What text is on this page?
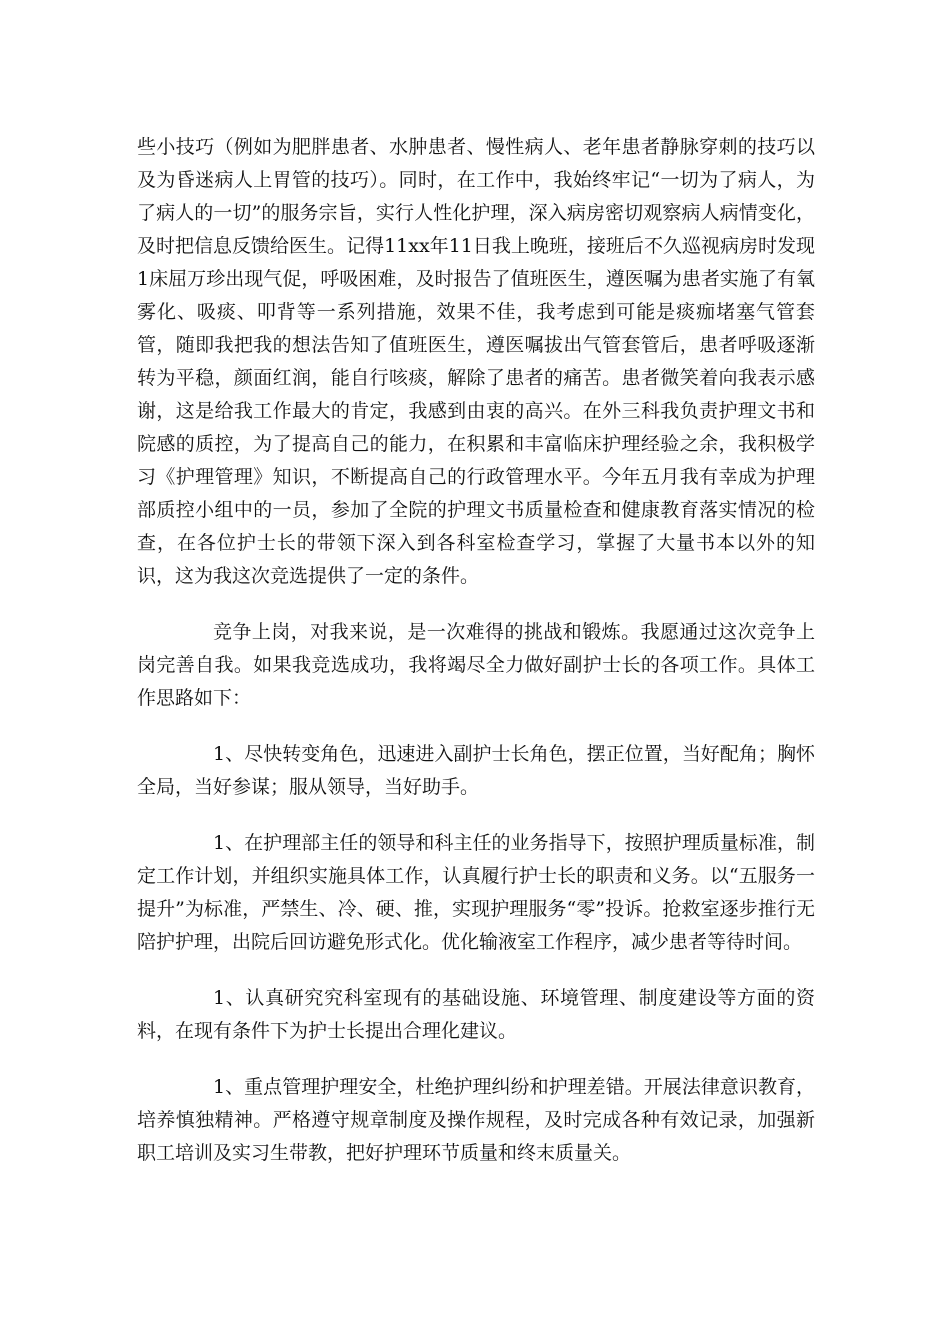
些小技巧（例如为肥胖患者、水肿患者、慢性病人、老年患者静脉穿刺的技巧以及为昏迷病人上胃管的技巧）。同时，在工作中，我始终牢记“一切为了病人，为了病人的一切”的服务宗旨，实行人性化护理，深入病房密切观察病人病情变化，及时把信息反馈给医生。记得11xx年11日我上晚班，接班后不久巡视病房时发现1床屈万珍出现气促，呼吸困难，及时报告了值班医生，遵医嘱为患者实施了有氧雾化、吸痰、叩背等一系列措施，效果不佳，我考虑到可能是痰痂堵塞气管套管，随即我把我的想法告知了值班医生，遵医嘱拔出气管套管后，患者呼吸逐渐转为平稳，颜面红润，能自行咳痰，解除了患者的痛苦。患者微笑着向我表示感谢，这是给我工作最大的肯定，我感到由衷的高兴。在外三科我负责护理文书和院感的质控，为了提高自己的能力，在积累和丰富临床护理经验之余，我积极学习《护理管理》知识，不断提高自己的行政管理水平。今年五月我有幸成为护理部质控小组中的一员，参加了全院的护理文书质量检查和健康教育落实情况的检查，在各位护士长的带领下深入到各科室检查学习，掌握了大量书本以外的知识，这为我这次竞选提供了一定的条件。

竞争上岗，对我来说，是一次难得的挑战和锻炼。我愿通过这次竞争上岗完善自我。如果我竞选成功，我将竭尽全力做好副护士长的各项工作。具体工作思路如下：

1、尽快转变角色，迅速进入副护士长角色，摆正位置，当好配角；胸怀全局，当好参谋；服从领导，当好助手。

1、在护理部主任的领导和科主任的业务指导下，按照护理质量标准，制定工作计划，并组织实施具体工作，认真履行护士长的职责和义务。以“五服务一提升”为标准，严禁生、冷、硬、推，实现护理服务“零”投诉。抢救室逐步推行无陪护护理，出院后回访避免形式化。优化输液室工作程序，减少患者等待时间。

1、认真研究究科室现有的基础设施、环境管理、制度建设等方面的资料，在现有条件下为护士长提出合理化建议。

1、重点管理护理安全，杜绝护理纠纷和护理差错。开展法律意识教育，培养慎独精神。严格遵守规章制度及操作规程，及时完成各种有效记录，加强新职工培训及实习生带教，把好护理环节质量和终末质量关。
